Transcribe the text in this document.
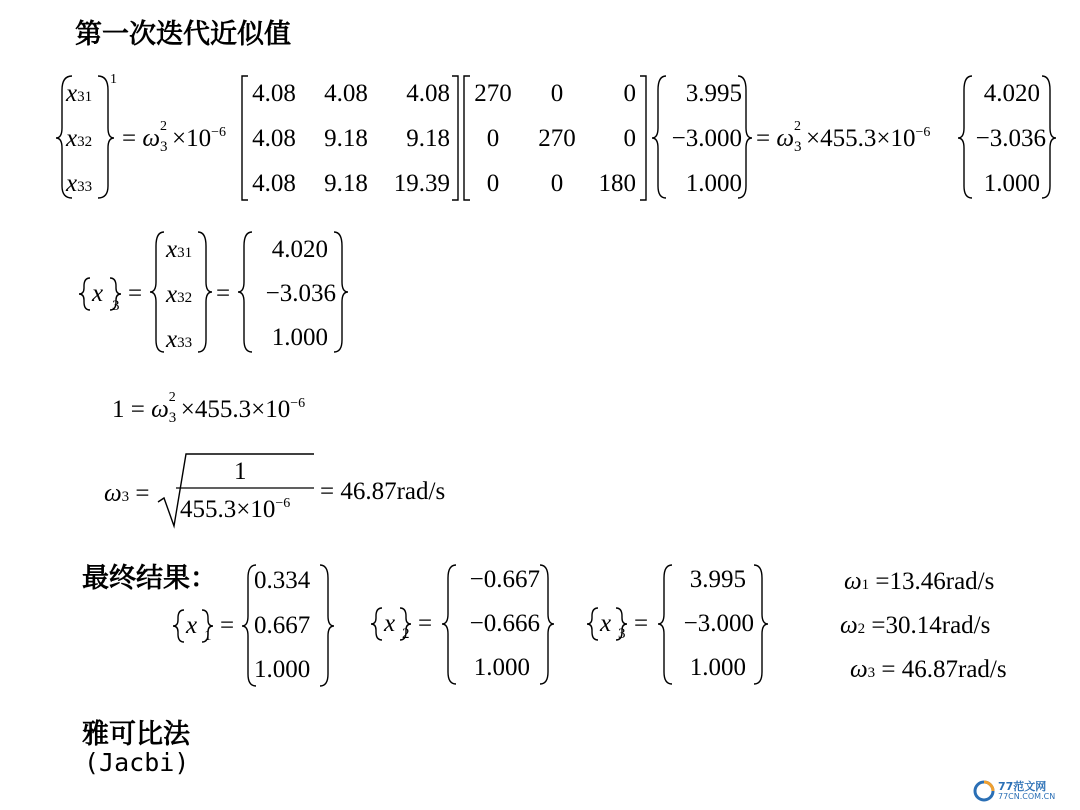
第一次迭代近似值
x31
x32
x33
1
= ω 3
$2 \times 10^{-6}$
4.08 4.08	4.08
4.08 9.18	9.18
4.08 9.18 19.39
270	0	0
0	270	0
0	0	180
3.995
−3.000
1.000
= ω 3
$2 \times 455.3\times 10^{-6}$
4.020
−3.036
1.000
x 3 =
x31
x32
x33
=
4.020
−3.036
1.000
1 = ω 3
$2 \times 455.3\times 10^{-6}$
ω3 =
1
$455.3\times 10^{-6} = 46.87rad/s$
最终结果：
x 1 =
0.334
0.667
1.000
x 2 =
−0.667
−0.666
1.000
x 3 =
3.995
−3.000
1.000
ω1 =13.46rad/s
ω2 =30.14rad/s
ω3 = 46.87rad/s
雅可比法
(Jacbi)
77范文网
77CN.COM.CN
